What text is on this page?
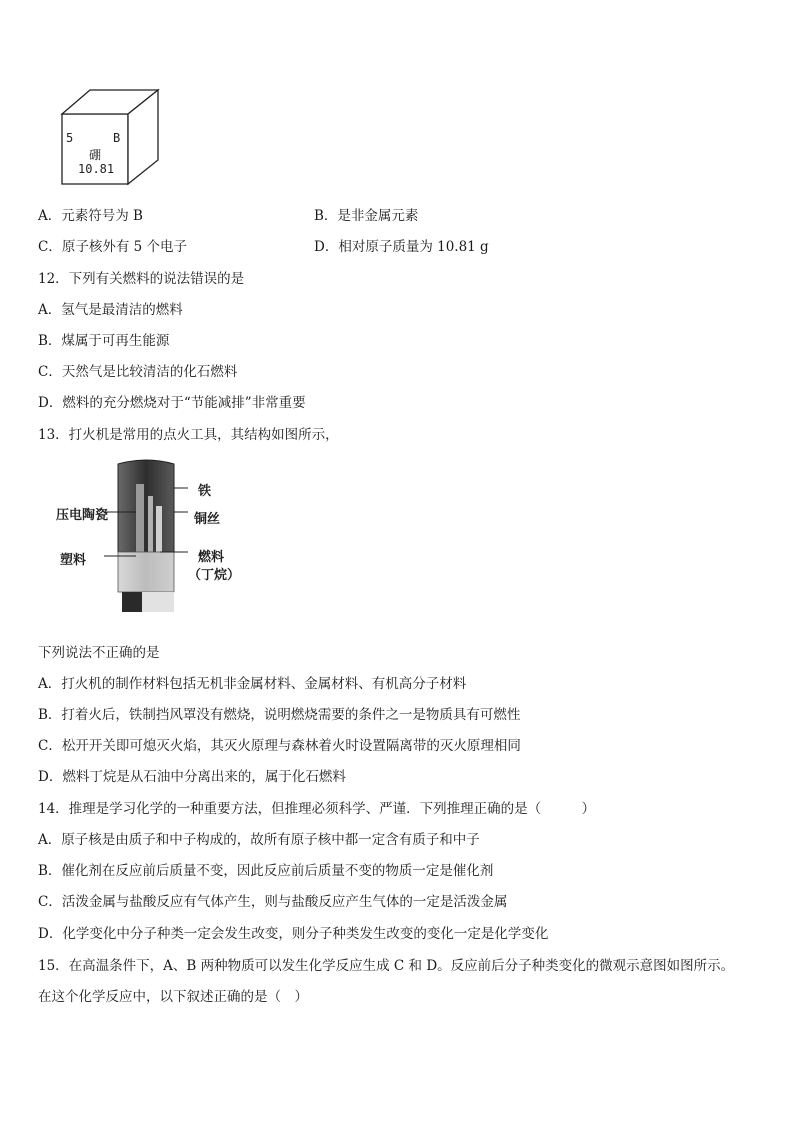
5	B
硼
10.81
A．元素符号为 B	B．是非金属元素
C．原子核外有 5 个电子	D．相对原子质量为 10.81 g
12．下列有关燃料的说法错误的是
A．氢气是最清洁的燃料
B．煤属于可再生能源
C．天然气是比较清洁的化石燃料
D．燃料的充分燃烧对于“节能减排”非常重要
13．打火机是常用的点火工具，其结构如图所示，
铁
压电陶瓷	铜丝
塑料	燃料
（丁烷）
下列说法不正确的是
A．打火机的制作材料包括无机非金属材料、金属材料、有机高分子材料
B．打着火后，铁制挡风罩没有燃烧，说明燃烧需要的条件之一是物质具有可燃性
C．松开开关即可熄灭火焰，其灭火原理与森林着火时设置隔离带的灭火原理相同
D．燃料丁烷是从石油中分离出来的，属于化石燃料
14．推理是学习化学的一种重要方法，但推理必须科学、严谨．下列推理正确的是（　　　）
A．原子核是由质子和中子构成的，故所有原子核中都一定含有质子和中子
B．催化剂在反应前后质量不变，因此反应前后质量不变的物质一定是催化剂
C．活泼金属与盐酸反应有气体产生，则与盐酸反应产生气体的一定是活泼金属
D．化学变化中分子种类一定会发生改变，则分子种类发生改变的变化一定是化学变化
15．在高温条件下，A、B 两种物质可以发生化学反应生成 C 和 D。反应前后分子种类变化的微观示意图如图所示。
在这个化学反应中，以下叙述正确的是（　）
